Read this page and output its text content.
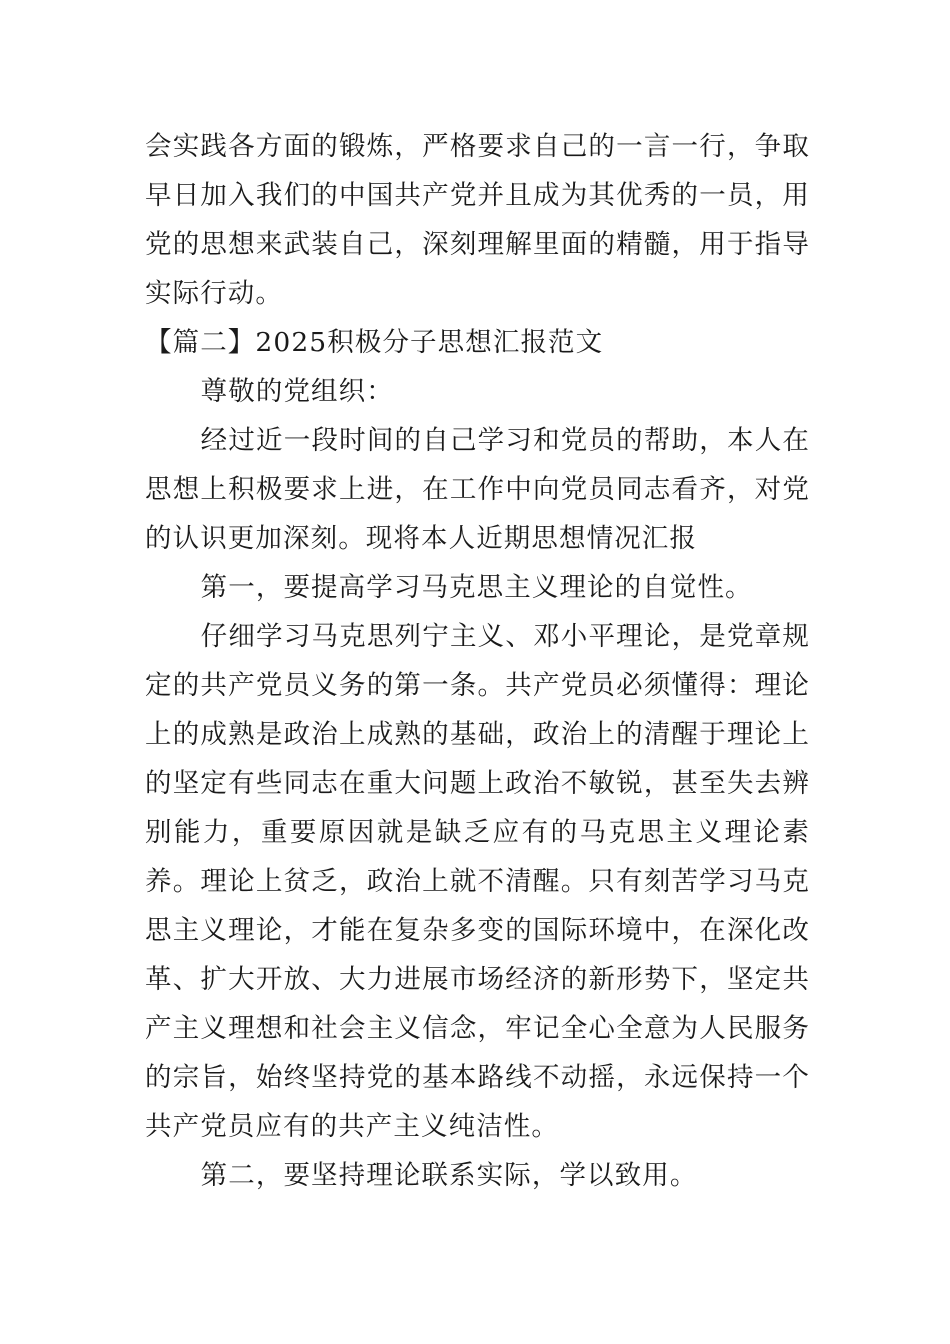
会实践各方面的锻炼，严格要求自己的一言一行，争取早日加入我们的中国共产党并且成为其优秀的一员，用党的思想来武装自己，深刻理解里面的精髓，用于指导实际行动。

【篇二】2025积极分子思想汇报范文

尊敬的党组织：

经过近一段时间的自己学习和党员的帮助，本人在思想上积极要求上进，在工作中向党员同志看齐，对党的认识更加深刻。现将本人近期思想情况汇报

第一，要提高学习马克思主义理论的自觉性。

仔细学习马克思列宁主义、邓小平理论，是党章规定的共产党员义务的第一条。共产党员必须懂得：理论上的成熟是政治上成熟的基础，政治上的清醒于理论上的坚定有些同志在重大问题上政治不敏锐，甚至失去辨别能力，重要原因就是缺乏应有的马克思主义理论素养。理论上贫乏，政治上就不清醒。只有刻苦学习马克思主义理论，才能在复杂多变的国际环境中，在深化改革、扩大开放、大力进展市场经济的新形势下，坚定共产主义理想和社会主义信念，牢记全心全意为人民服务的宗旨，始终坚持党的基本路线不动摇，永远保持一个共产党员应有的共产主义纯洁性。

第二，要坚持理论联系实际，学以致用。
